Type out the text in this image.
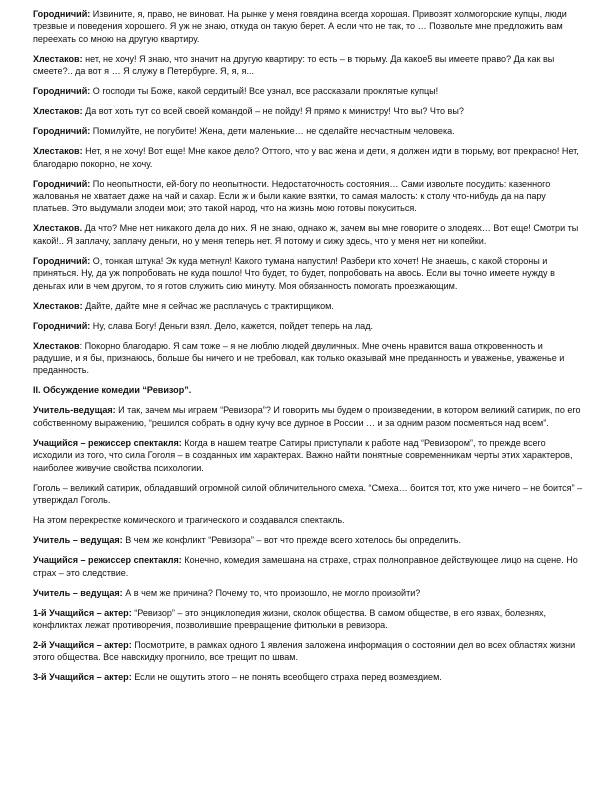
Городничий: Извините, я, право, не виноват. На рынке у меня говядина всегда хорошая. Привозят холмогорские купцы, люди трезвые и поведения хорошего. Я уж не знаю, откуда он такую берет. А если что не так, то … Позвольте мне предложить вам переехать со мною на другую квартиру.

Хлестаков: нет, не хочу! Я знаю, что значит на другую квартиру: то есть – в тюрьму. Да какое5 вы имеете право? Да как вы смеете?.. да вот я … Я служу в Петербурге. Я, я, я...

Городничий: О господи ты Боже, какой сердитый! Все узнал, все рассказали проклятые купцы!

Хлестаков: Да вот хоть тут со всей своей командой – не пойду! Я прямо к министру! Что вы? Что вы?

Городничий: Помилуйте, не погубите! Жена, дети маленькие… не сделайте несчастным человека.

Хлестаков: Нет, я не хочу! Вот еще! Мне какое дело? Оттого, что у вас жена и дети, я должен идти в тюрьму, вот прекрасно! Нет, благодарю покорно, не хочу.

Городничий: По неопытности, ей-богу по неопытности. Недостаточность состояния… Сами извольте посудить: казенного жалованья не хватает даже на чай и сахар. Если ж и были какие взятки, то самая малость: к столу что-нибудь да на пару платьев. Это выдумали злодеи мои; это такой народ, что на жизнь мою готовы покуситься.

Хлестаков. Да что? Мне нет никакого дела до них. Я не знаю, однако ж, зачем вы мне говорите о злодеях… Вот еще! Смотри ты какой!.. Я заплачу, заплачу деньги, но у меня теперь нет. Я потому и сижу здесь, что у меня нет ни копейки.

Городничий: О, тонкая штука! Эк куда метнул! Какого тумана напустил! Разбери кто хочет! Не знаешь, с какой стороны и приняться. Ну, да уж попробовать не куда пошло! Что будет, то будет, попробовать на авось. Если вы точно имеете нужду в деньгах или в чем другом, то я готов служить сию минуту. Моя обязанность помогать проезжающим.

Хлестаков: Дайте, дайте мне я сейчас же расплачусь с трактирщиком.

Городничий: Ну, слава Богу! Деньги взял. Дело, кажется, пойдет теперь на лад.

Хлестаков: Покорно благодарю. Я сам тоже – я не люблю людей двуличных. Мне очень нравится ваша откровенность и радушие, и я бы, признаюсь, больше бы ничего и не требовал, как только оказывай мне преданность и уваженье, уваженье и преданность.

II. Обсуждение комедии “Ревизор”.

Учитель-ведущая: И так, зачем мы играем “Ревизора”? И говорить мы будем о произведении, в котором великий сатирик, по его собственному выражению, “решился собрать в одну кучу все дурное в России … и за одним разом посмеяться над всем”.

Учащийся – режиссер спектакля: Когда в нашем театре Сатиры приступали к работе над “Ревизором”, то прежде всего исходили из того, что сила Гоголя – в созданных им характерах. Важно найти понятные современникам черты этих характеров, наиболее живучие свойства психологии.

Гоголь – великий сатирик, обладавший огромной силой обличительного смеха. “Смеха… боится тот, кто уже ничего – не боится” – утверждал Гоголь.

На этом перекрестке комического и трагического и создавался спектакль.

Учитель – ведущая: В чем же конфликт “Ревизора” – вот что прежде всего хотелось бы определить.

Учащийся – режиссер спектакля: Конечно, комедия замешана на страхе, страх полноправное действующее лицо на сцене. Но страх – это следствие.

Учитель – ведущая: А в чем же причина? Почему то, что произошло, не могло произойти?

1-й Учащийся – актер: “Ревизор” – это энциклопедия жизни, сколок общества. В самом обществе, в его язвах, болезнях, конфликтах лежат противоречия, позволившие превращение фитюльки в ревизора.

2-й Учащийся – актер: Посмотрите, в рамках одного 1 явления заложена информация о состоянии дел во всех областях жизни этого общества. Все навскидку прогнило, все трещит по швам.

3-й Учащийся – актер: Если не ощутить этого – не понять всеобщего страха перед возмездием.
